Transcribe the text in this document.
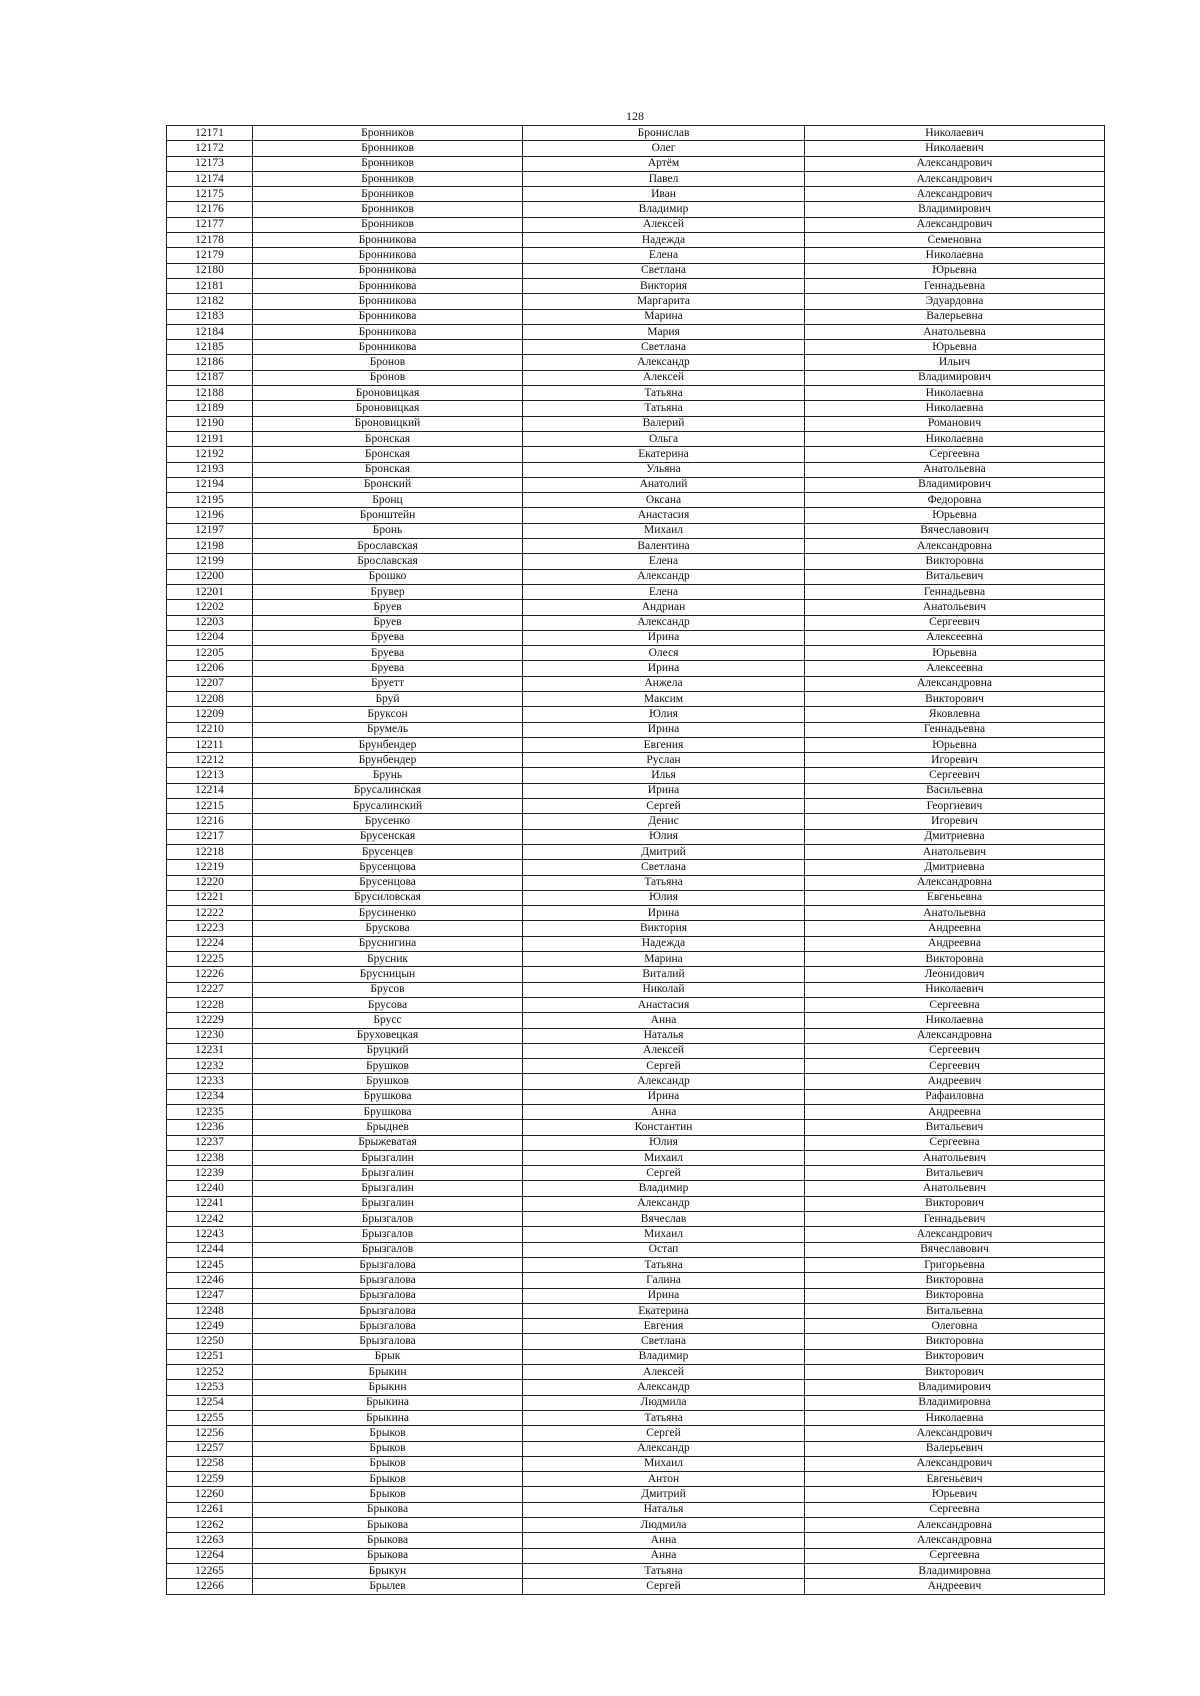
128
12171	Бронников	Бронислав	Николаевич
12172	Бронников	Олег	Николаевич
12173	Бронников	Артём	Александрович
12174	Бронников	Павел	Александрович
12175	Бронников	Иван	Александрович
12176	Бронников	Владимир	Владимирович
12177	Бронников	Алексей	Александрович
12178	Бронникова	Надежда	Семеновна
12179	Бронникова	Елена	Николаевна
12180	Бронникова	Светлана	Юрьевна
12181	Бронникова	Виктория	Геннадьевна
12182	Бронникова	Маргарита	Эдуардовна
12183	Бронникова	Марина	Валерьевна
12184	Бронникова	Мария	Анатольевна
12185	Бронникова	Светлана	Юрьевна
12186	Бронов	Александр	Ильич
12187	Бронов	Алексей	Владимирович
12188	Броновицкая	Татьяна	Николаевна
12189	Броновицкая	Татьяна	Николаевна
12190	Броновицкий	Валерий	Романович
12191	Бронская	Ольга	Николаевна
12192	Бронская	Екатерина	Сергеевна
12193	Бронская	Ульяна	Анатольевна
12194	Бронский	Анатолий	Владимирович
12195	Бронц	Оксана	Федоровна
12196	Бронштейн	Анастасия	Юрьевна
12197	Бронь	Михаил	Вячеславович
12198	Брославская	Валентина	Александровна
12199	Брославская	Елена	Викторовна
12200	Брошко	Александр	Витальевич
12201	Брувер	Елена	Геннадьевна
12202	Бруев	Андриан	Анатольевич
12203	Бруев	Александр	Сергеевич
12204	Бруева	Ирина	Алексеевна
12205	Бруева	Олеся	Юрьевна
12206	Бруева	Ирина	Алексеевна
12207	Бруетт	Анжела	Александровна
12208	Бруй	Максим	Викторович
12209	Бруксон	Юлия	Яковлевна
12210	Брумель	Ирина	Геннадьевна
12211	Брунбендер	Евгения	Юрьевна
12212	Брунбендер	Руслан	Игоревич
12213	Брунь	Илья	Сергеевич
12214	Брусалинская	Ирина	Васильевна
12215	Брусалинский	Сергей	Георгиевич
12216	Брусенко	Денис	Игоревич
12217	Брусенская	Юлия	Дмитриевна
12218	Брусенцев	Дмитрий	Анатольевич
12219	Брусенцова	Светлана	Дмитриевна
12220	Брусенцова	Татьяна	Александровна
12221	Брусиловская	Юлия	Евгеньевна
12222	Брусиненко	Ирина	Анатольевна
12223	Брускова	Виктория	Андреевна
12224	Бруснигина	Надежда	Андреевна
12225	Брусник	Марина	Викторовна
12226	Брусницын	Виталий	Леонидович
12227	Брусов	Николай	Николаевич
12228	Брусова	Анастасия	Сергеевна
12229	Брусс	Анна	Николаевна
12230	Бруховецкая	Наталья	Александровна
12231	Бруцкий	Алексей	Сергеевич
12232	Брушков	Сергей	Сергеевич
12233	Брушков	Александр	Андреевич
12234	Брушкова	Ирина	Рафаиловна
12235	Брушкова	Анна	Андреевна
12236	Брыднев	Константин	Витальевич
12237	Брыжеватая	Юлия	Сергеевна
12238	Брызгалин	Михаил	Анатольевич
12239	Брызгалин	Сергей	Витальевич
12240	Брызгалин	Владимир	Анатольевич
12241	Брызгалин	Александр	Викторович
12242	Брызгалов	Вячеслав	Геннадьевич
12243	Брызгалов	Михаил	Александрович
12244	Брызгалов	Остап	Вячеславович
12245	Брызгалова	Татьяна	Григорьевна
12246	Брызгалова	Галина	Викторовна
12247	Брызгалова	Ирина	Викторовна
12248	Брызгалова	Екатерина	Витальевна
12249	Брызгалова	Евгения	Олеговна
12250	Брызгалова	Светлана	Викторовна
12251	Брык	Владимир	Викторович
12252	Брыкин	Алексей	Викторович
12253	Брыкин	Александр	Владимирович
12254	Брыкина	Людмила	Владимировна
12255	Брыкина	Татьяна	Николаевна
12256	Брыков	Сергей	Александрович
12257	Брыков	Александр	Валерьевич
12258	Брыков	Михаил	Александрович
12259	Брыков	Антон	Евгеньевич
12260	Брыков	Дмитрий	Юрьевич
12261	Брыкова	Наталья	Сергеевна
12262	Брыкова	Людмила	Александровна
12263	Брыкова	Анна	Александровна
12264	Брыкова	Анна	Сергеевна
12265	Брыкун	Татьяна	Владимировна
12266	Брылев	Сергей	Андреевич
